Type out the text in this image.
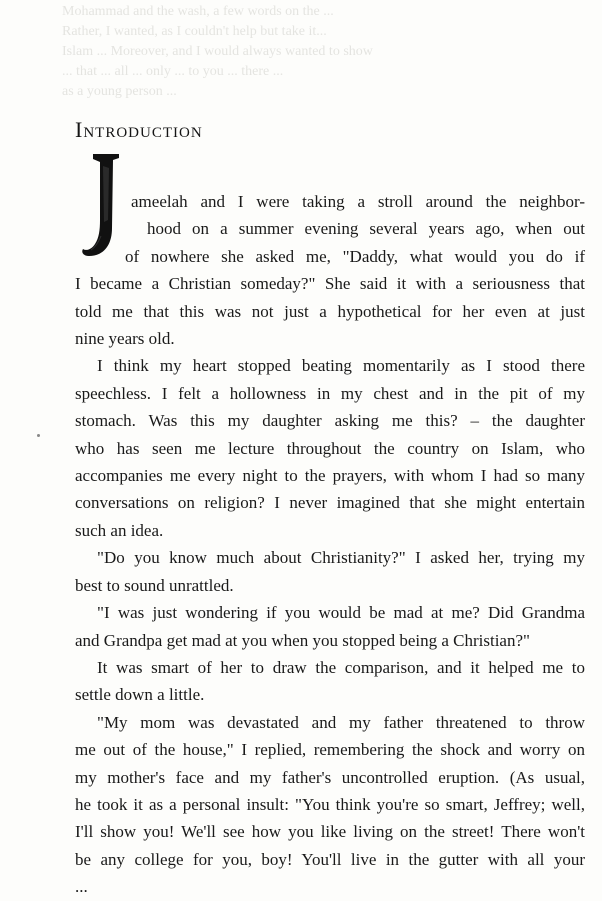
Mohammad and the wash, a few words on the ...
Rather, I wanted, as I couldn't help but take it...
Islam ... Moreover, and I would always wanted to show
... that ... all ... only ... to you ... there ...
as a young person ...
Introduction

ameelah and I were taking a stroll around the neighbor-
hood on a summer evening several years ago, when out
of nowhere she asked me, "Daddy, what would you do if
I became a Christian someday?" She said it with a seriousness that
told me that this was not just a hypothetical for her even at just
nine years old.

I think my heart stopped beating momentarily as I stood there
speechless. I felt a hollowness in my chest and in the pit of my
stomach. Was this my daughter asking me this? – the daughter
who has seen me lecture throughout the country on Islam, who
accompanies me every night to the prayers, with whom I had so many
conversations on religion? I never imagined that she might entertain
such an idea.

"Do you know much about Christianity?" I asked her, trying my
best to sound unrattled.

"I was just wondering if you would be mad at me? Did Grandma
and Grandpa get mad at you when you stopped being a Christian?"

It was smart of her to draw the comparison, and it helped me to
settle down a little.

"My mom was devastated and my father threatened to throw
me out of the house," I replied, remembering the shock and worry on
my mother's face and my father's uncontrolled eruption. (As usual,
he took it as a personal insult: "You think you're so smart, Jeffrey; well,
I'll show you! We'll see how you like living on the street! There won't
be any college for you, boy! You'll live in the gutter with all your
...
